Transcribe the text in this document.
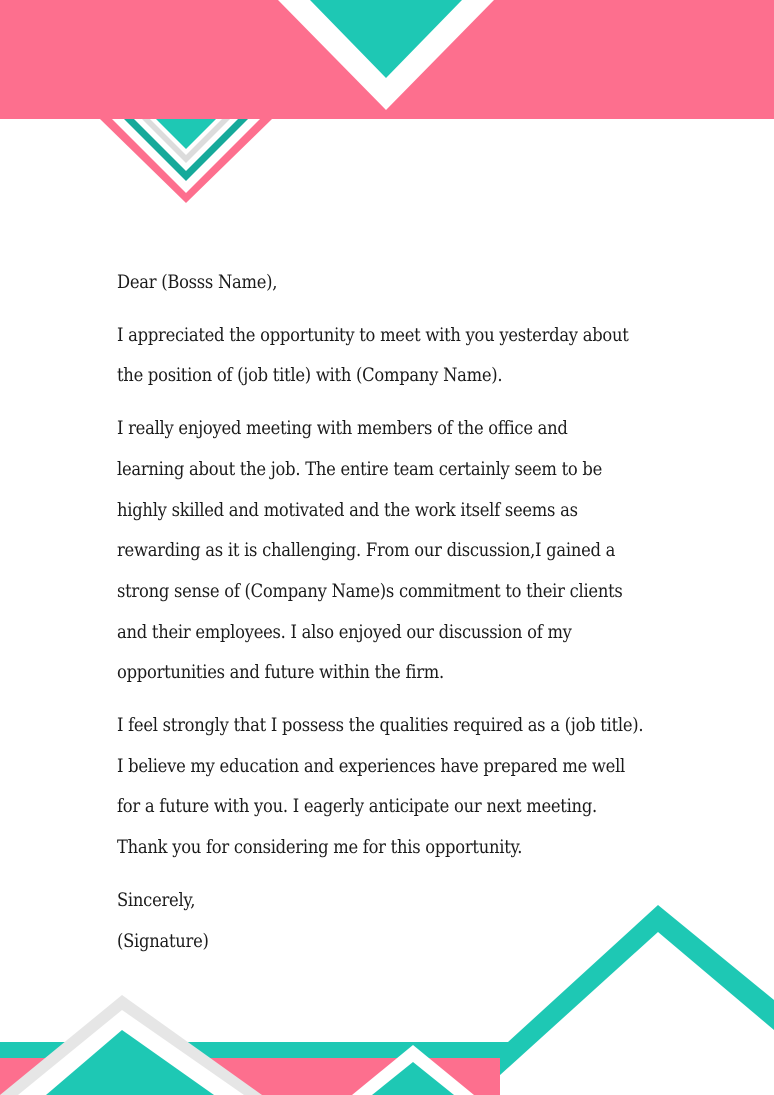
Dear (Bosss Name),

I appreciated the opportunity to meet with you yesterday about
the position of (job title) with (Company Name).

I really enjoyed meeting with members of the office and
learning about the job. The entire team certainly seem to be
highly skilled and motivated and the work itself seems as
rewarding as it is challenging. From our discussion,I gained a
strong sense of (Company Name)s commitment to their clients
and their employees. I also enjoyed our discussion of my
opportunities and future within the firm.

I feel strongly that I possess the qualities required as a (job title).
I believe my education and experiences have prepared me well
for a future with you. I eagerly anticipate our next meeting.
Thank you for considering me for this opportunity.

Sincerely,
(Signature)
